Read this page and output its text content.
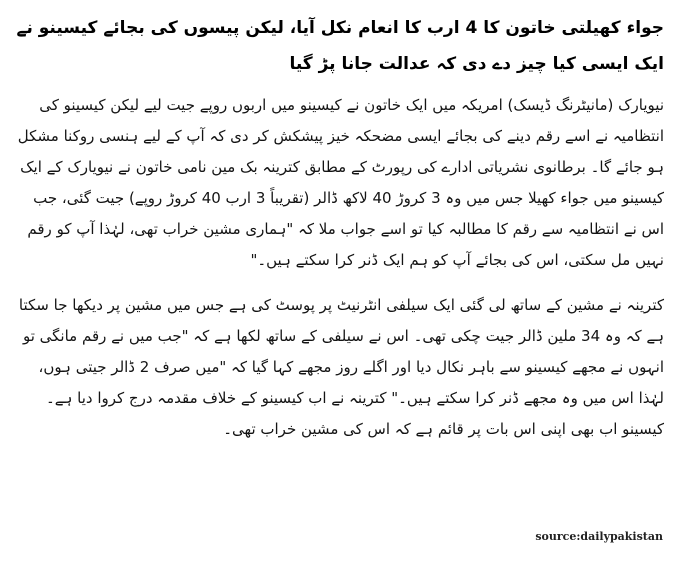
جواء کھیلتی خاتون کا 4 ارب کا انعام نکل آیا، لیکن پیسوں کی بجائے کیسینو نے ایک ایسی کیا چیز دے دی کہ عدالت جانا پڑ گیا

نیویارک (مانیٹرنگ ڈیسک) امریکہ میں ایک خاتون نے کیسینو میں اربوں روپے جیت لیے لیکن کیسینو کی انتظامیہ نے اسے رقم دینے کی بجائے ایسی مضحکہ خیز پیشکش کر دی کہ آپ کے لیے ہنسی روکنا مشکل ہو جائے گا۔ برطانوی نشریاتی ادارے کی رپورٹ کے مطابق کترینہ بک مین نامی خاتون نے نیویارک کے ایک کیسینو میں جواء کھیلا جس میں وہ 3 کروڑ 40 لاکھ ڈالر (تقریباً 3 ارب 40 کروڑ روپے) جیت گئی، جب اس نے انتظامیہ سے رقم کا مطالبہ کیا تو اسے جواب ملا کہ "ہماری مشین خراب تھی، لہٰذا آپ کو رقم نہیں مل سکتی، اس کی بجائے آپ کو ہم ایک ڈنر کرا سکتے ہیں۔"

کترینہ نے مشین کے ساتھ لی گئی ایک سیلفی انٹرنیٹ پر پوسٹ کی ہے جس میں مشین پر دیکھا جا سکتا ہے کہ وہ 34 ملین ڈالر جیت چکی تھی۔ اس نے سیلفی کے ساتھ لکھا ہے کہ "جب میں نے رقم مانگی تو انہوں نے مجھے کیسینو سے باہر نکال دیا اور اگلے روز مجھے کہا گیا کہ "میں صرف 2 ڈالر جیتی ہوں، لہٰذا اس میں وہ مجھے ڈنر کرا سکتے ہیں۔" کترینہ نے اب کیسینو کے خلاف مقدمہ درج کروا دیا ہے۔ کیسینو اب بھی اپنی اس بات پر قائم ہے کہ اس کی مشین خراب تھی۔

source:dailypakistan
